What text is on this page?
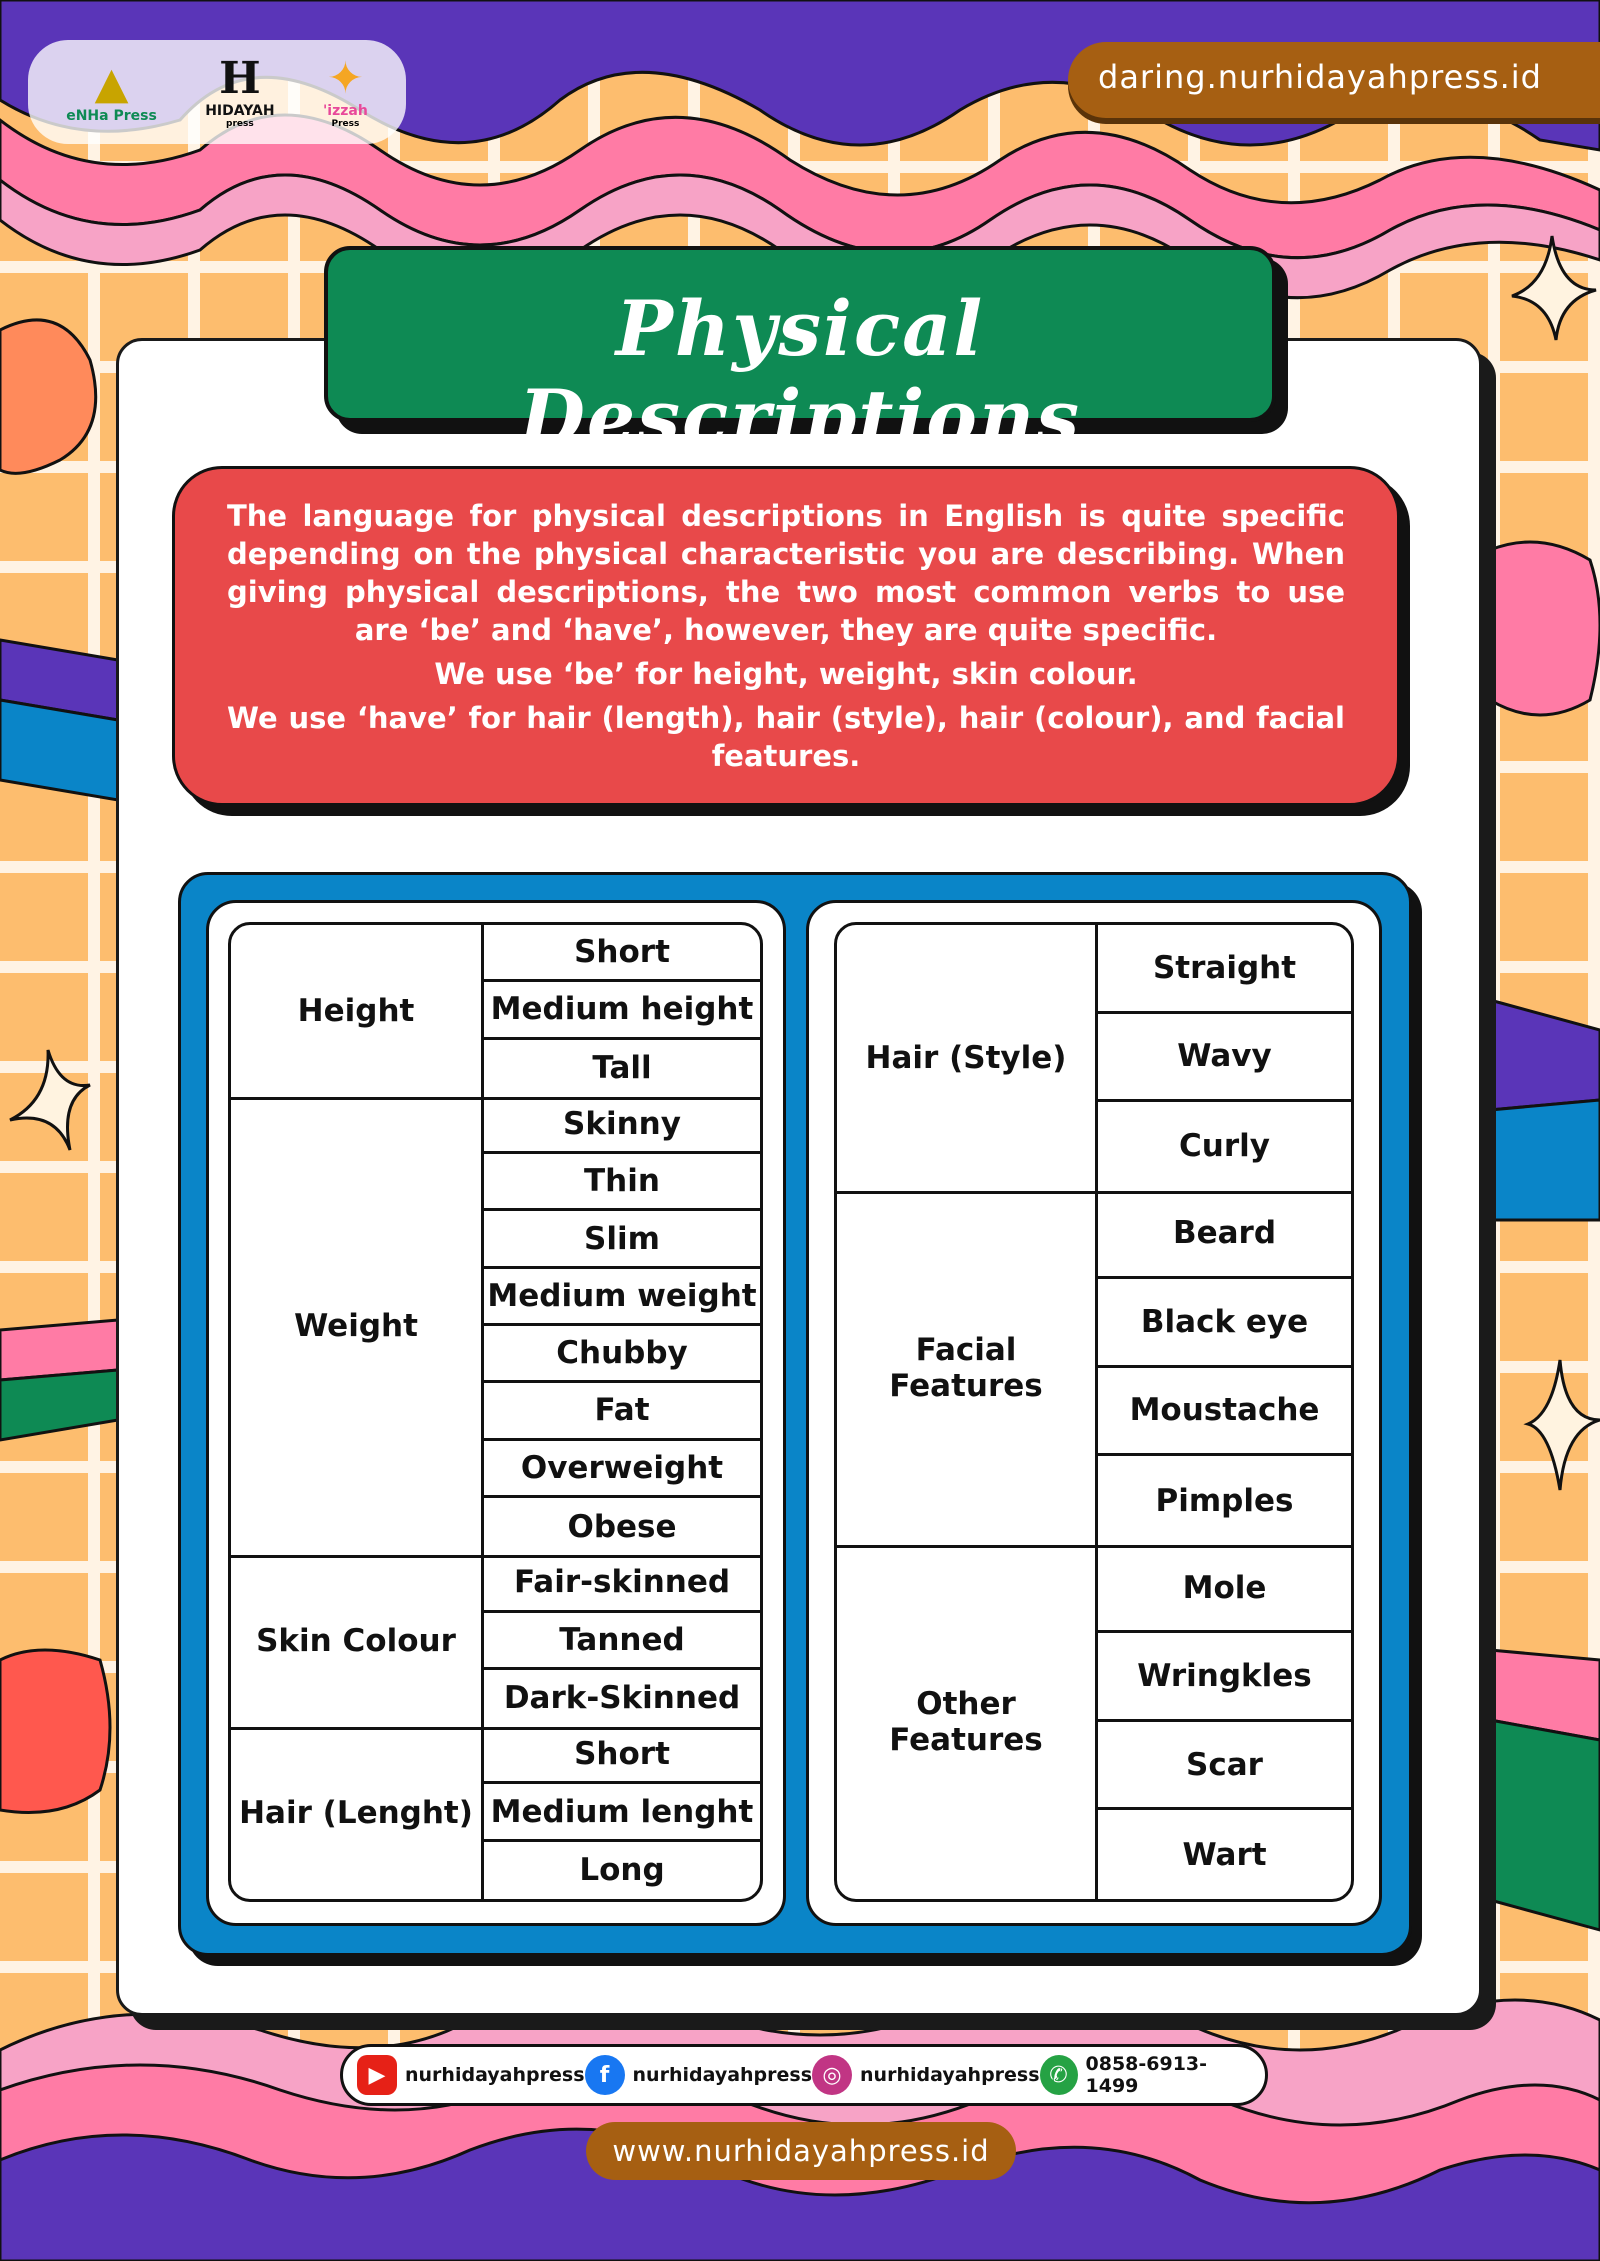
▲
eNHa Press
H
HIDAYAH
press
✦
'izzah
Press
daring.nurhidayahpress.id
Physical Descriptions

The language for physical descriptions in English is quite specific depending on the physical characteristic you are describing. When giving physical descriptions, the two most common verbs to use are ‘be’ and ‘have’, however, they are quite specific.

We use ‘be’ for height, weight, skin colour.

We use ‘have’ for hair (length), hair (style), hair (colour), and facial features.

Height
Short
Medium height
Tall
Weight
Skinny
Thin
Slim
Medium weight
Chubby
Fat
Overweight
Obese
Skin Colour
Fair-skinned
Tanned
Dark-Skinned
Hair (Lenght)
Short
Medium lenght
Long
Hair (Style)
Straight
Wavy
Curly
Facial Features
Beard
Black eye
Moustache
Pimples
Other Features
Mole
Wringkles
Scar
Wart
▶	nurhidayahpress f	nurhidayahpress ◎ nurhidayahpress ✆ 0858-6913-1499
www.nurhidayahpress.id
